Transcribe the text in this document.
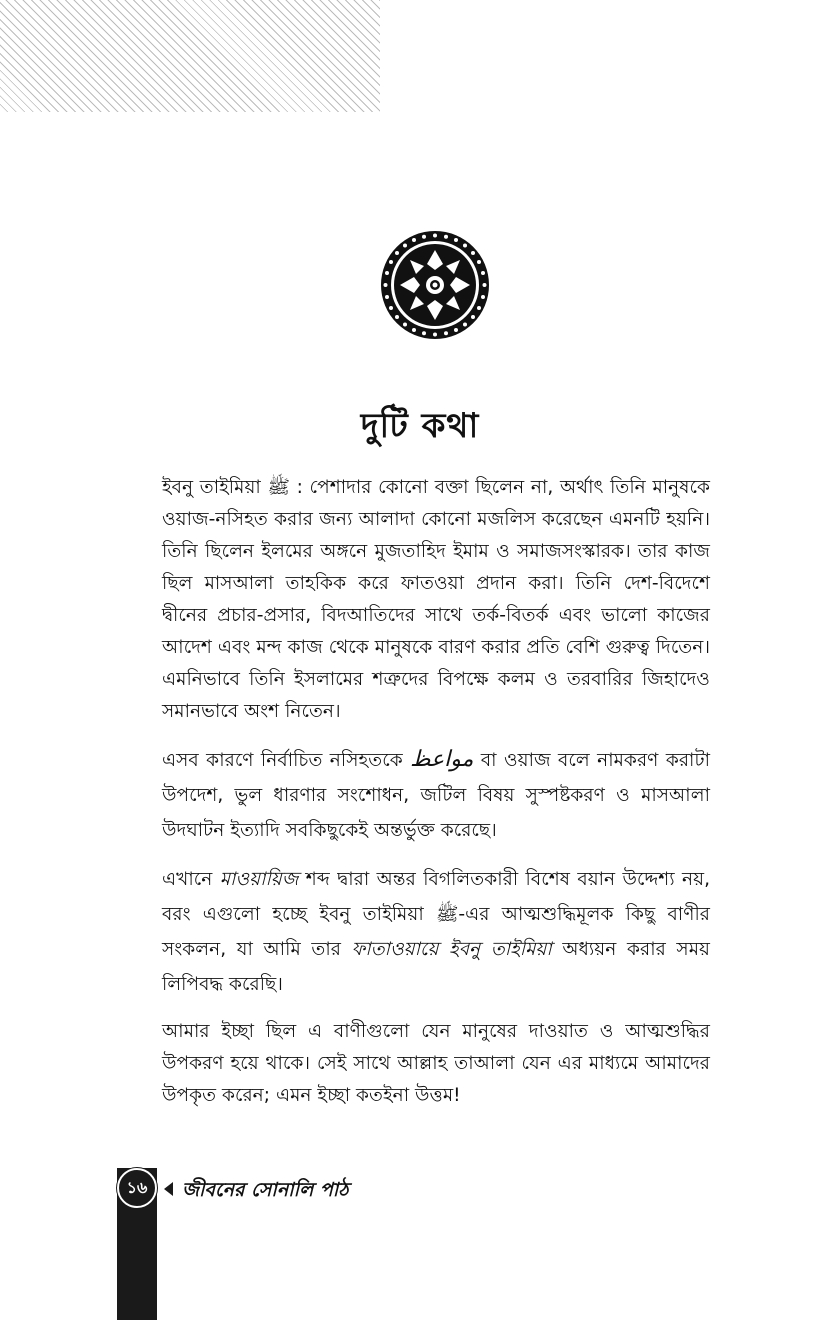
দুটি কথা

ইবনু তাইমিয়া ﷺ : পেশাদার কোনো বক্তা ছিলেন না, অর্থাৎ তিনি মানুষকে ওয়াজ-নসিহত করার জন্য আলাদা কোনো মজলিস করেছেন এমনটি হয়নি। তিনি ছিলেন ইলমের অঙ্গনে মুজতাহিদ ইমাম ও সমাজসংস্কারক। তার কাজ ছিল মাসআলা তাহকিক করে ফাতওয়া প্রদান করা। তিনি দেশ-বিদেশে দ্বীনের প্রচার-প্রসার, বিদআতিদের সাথে তর্ক-বিতর্ক এবং ভালো কাজের আদেশ এবং মন্দ কাজ থেকে মানুষকে বারণ করার প্রতি বেশি গুরুত্ব দিতেন। এমনিভাবে তিনি ইসলামের শত্রুদের বিপক্ষে কলম ও তরবারির জিহাদেও সমানভাবে অংশ নিতেন।

এসব কারণে নির্বাচিত নসিহতকে مواعظ বা ওয়াজ বলে নামকরণ করাটা উপদেশ, ভুল ধারণার সংশোধন, জটিল বিষয় সুস্পষ্টকরণ ও মাসআলা উদঘাটন ইত্যাদি সবকিছুকেই অন্তর্ভুক্ত করেছে।

এখানে মাওয়ায়িজ শব্দ দ্বারা অন্তর বিগলিতকারী বিশেষ বয়ান উদ্দেশ্য নয়, বরং এগুলো হচ্ছে ইবনু তাইমিয়া ﷺ-এর আত্মশুদ্ধিমূলক কিছু বাণীর সংকলন, যা আমি তার ফাতাওয়ায়ে ইবনু তাইমিয়া অধ্যয়ন করার সময় লিপিবদ্ধ করেছি।

আমার ইচ্ছা ছিল এ বাণীগুলো যেন মানুষের দাওয়াত ও আত্মশুদ্ধির উপকরণ হয়ে থাকে। সেই সাথে আল্লাহ তাআলা যেন এর মাধ্যমে আমাদের উপকৃত করেন; এমন ইচ্ছা কতইনা উত্তম!

১৬	জীবনের সোনালি পাঠ
